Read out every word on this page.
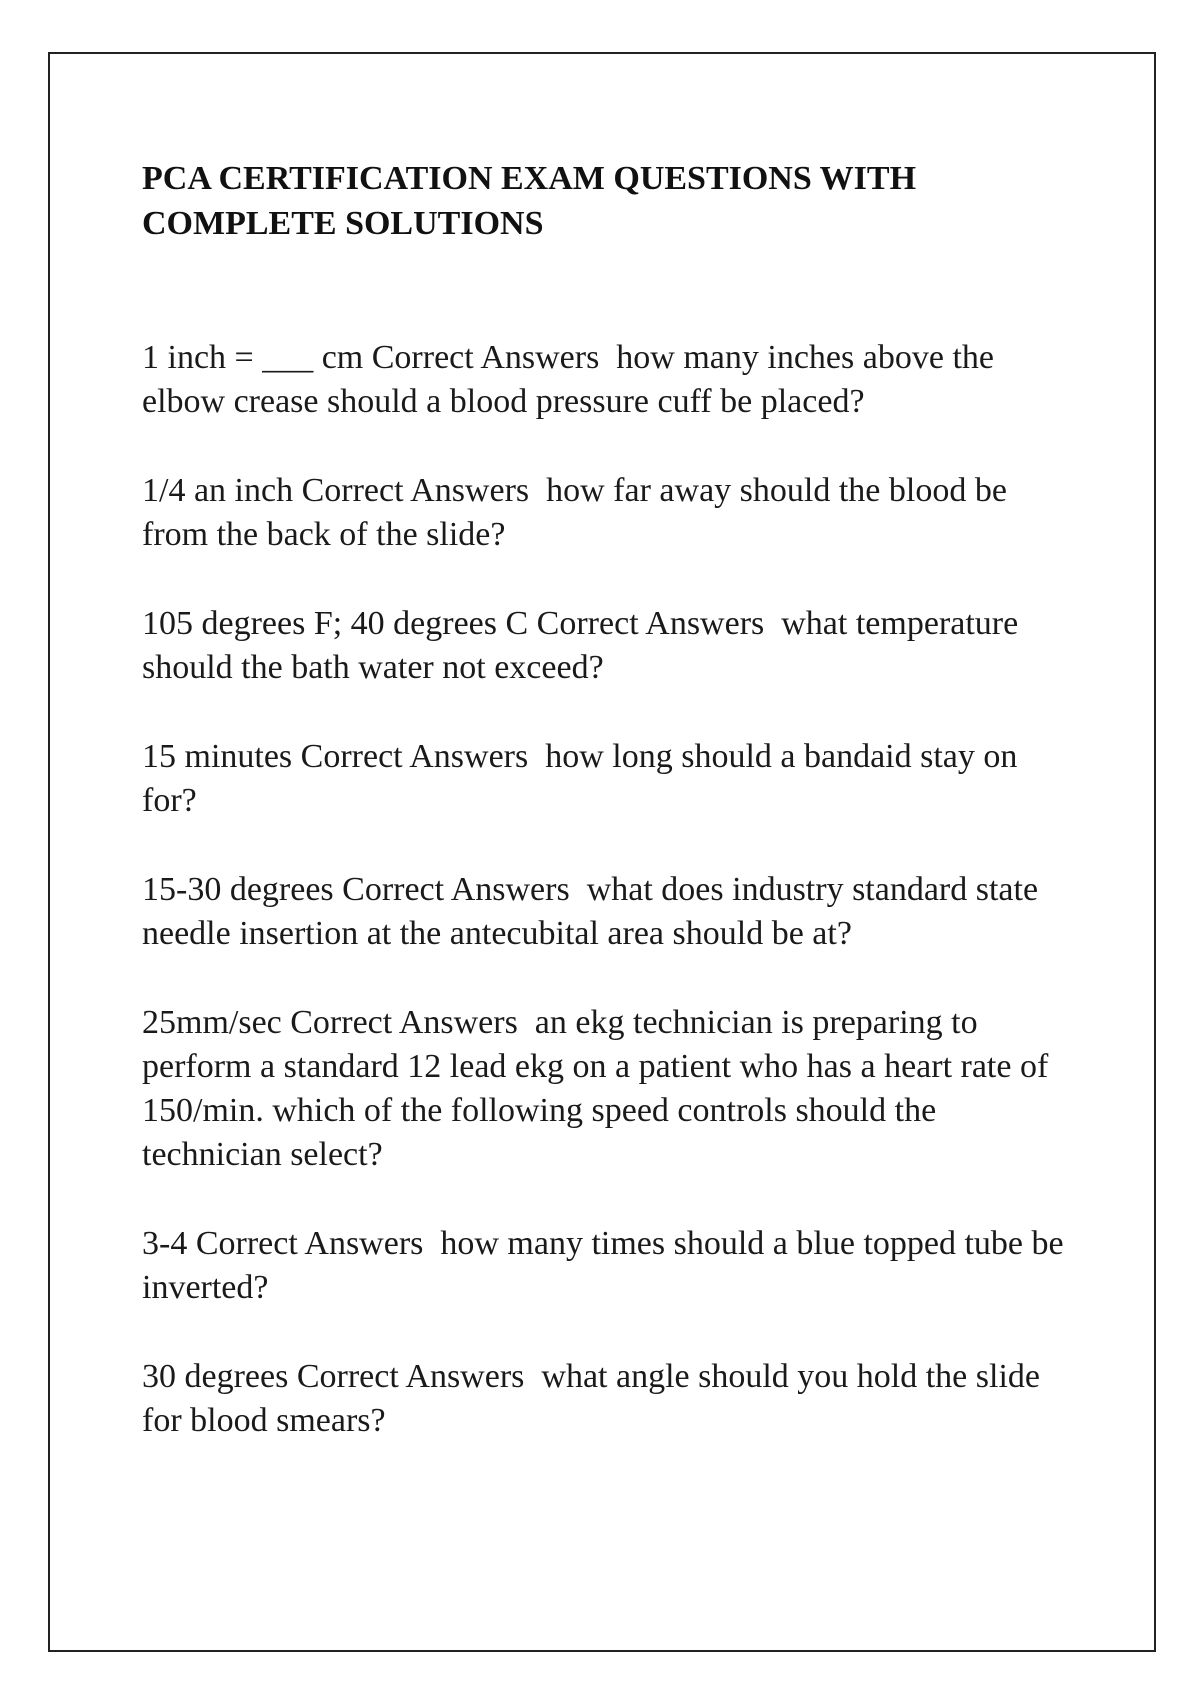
PCA CERTIFICATION EXAM QUESTIONS WITH COMPLETE SOLUTIONS

1 inch = ___ cm Correct Answers  how many inches above the elbow crease should a blood pressure cuff be placed?

1/4 an inch Correct Answers  how far away should the blood be from the back of the slide?

105 degrees F; 40 degrees C Correct Answers  what temperature should the bath water not exceed?

15 minutes Correct Answers  how long should a bandaid stay on for?

15-30 degrees Correct Answers  what does industry standard state needle insertion at the antecubital area should be at?

25mm/sec Correct Answers  an ekg technician is preparing to perform a standard 12 lead ekg on a patient who has a heart rate of 150/min. which of the following speed controls should the technician select?

3-4 Correct Answers  how many times should a blue topped tube be inverted?

30 degrees Correct Answers  what angle should you hold the slide for blood smears?
